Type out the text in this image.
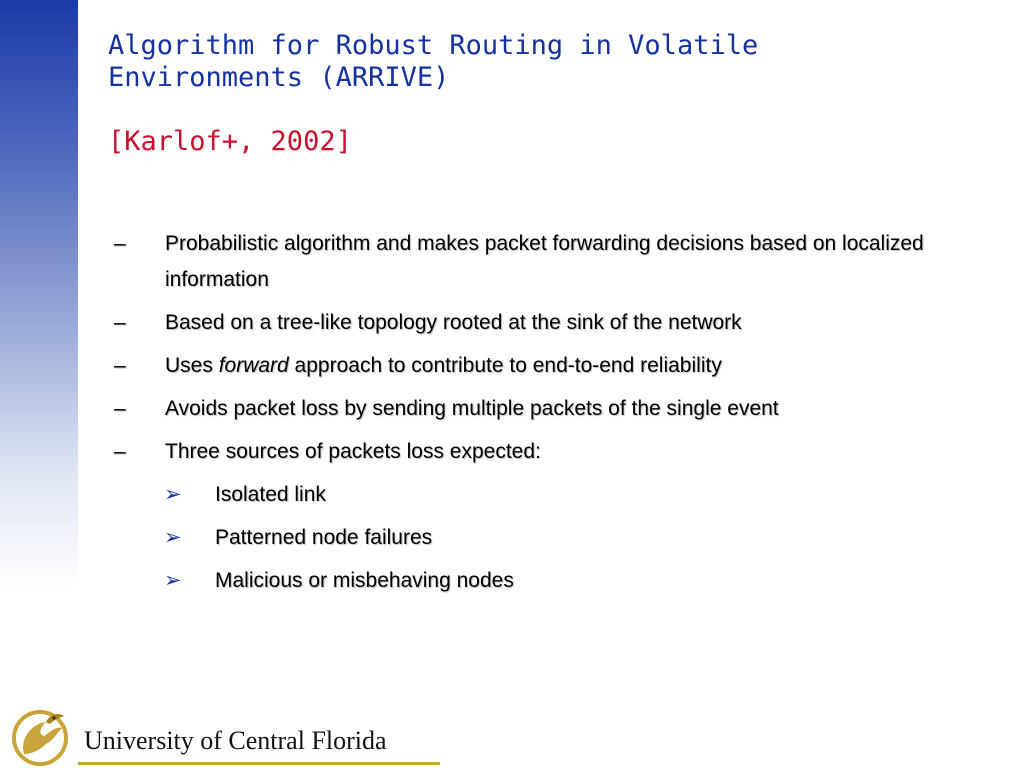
Algorithm for Robust Routing in Volatile
Environments (ARRIVE)

[Karlof+, 2002]

– Probabilistic algorithm and makes packet forwarding decisions based on localized information
– Based on a tree-like topology rooted at the sink of the network
– Uses forward approach to contribute to end-to-end reliability
– Avoids packet loss by sending multiple packets of the single event
– Three sources of packets loss expected:
➢ Isolated link
➢ Patterned node failures
➢ Malicious or misbehaving nodes

University of Central Florida
